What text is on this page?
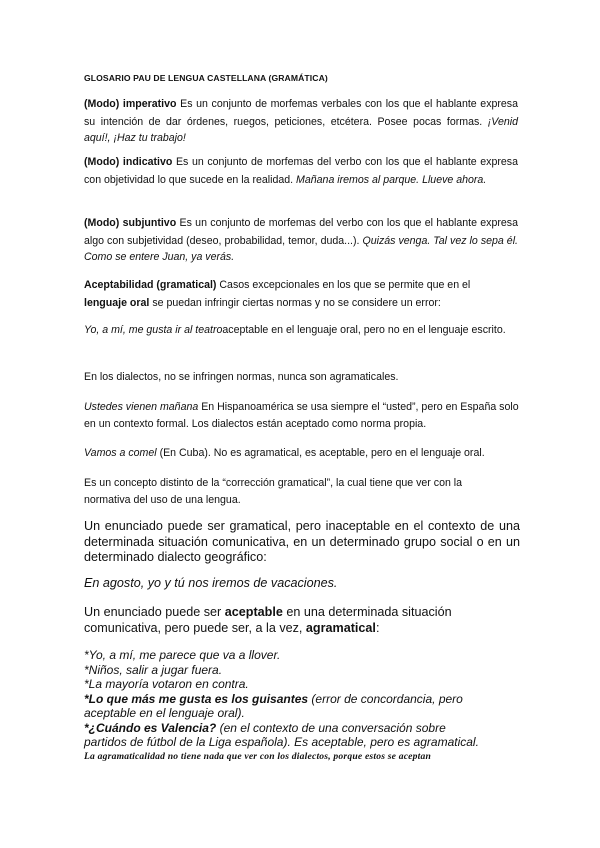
GLOSARIO PAU DE LENGUA CASTELLANA (GRAMÁTICA)

(Modo) imperativo Es un conjunto de morfemas verbales con los que el hablante expresa su intención de dar órdenes, ruegos, peticiones, etcétera. Posee pocas formas. ¡Venid aquí!, ¡Haz tu trabajo!

(Modo) indicativo Es un conjunto de morfemas del verbo con los que el hablante expresa con objetividad lo que sucede en la realidad. Mañana iremos al parque. Llueve ahora.

(Modo) subjuntivo Es un conjunto de morfemas del verbo con los que el hablante expresa algo con subjetividad (deseo, probabilidad, temor, duda...). Quizás venga. Tal vez lo sepa él. Como se entere Juan, ya verás.

Aceptabilidad (gramatical) Casos excepcionales en los que se permite que en el lenguaje oral se puedan infringir ciertas normas y no se considere un error:

Yo, a mí, me gusta ir al teatroaceptable en el lenguaje oral, pero no en el lenguaje escrito.

En los dialectos, no se infringen normas, nunca son agramaticales.

Ustedes vienen mañana En Hispanoamérica se usa siempre el “usted”, pero en España solo en un contexto formal. Los dialectos están aceptado como norma propia.

Vamos a comel (En Cuba). No es agramatical, es aceptable, pero en el lenguaje oral.

Es un concepto distinto de la “corrección gramatical”, la cual tiene que ver con la normativa del uso de una lengua.

Un enunciado puede ser gramatical, pero inaceptable en el contexto de una determinada situación comunicativa, en un determinado grupo social o en un determinado dialecto geográfico:

En agosto, yo y tú nos iremos de vacaciones.

Un enunciado puede ser aceptable en una determinada situación comunicativa, pero puede ser, a la vez, agramatical:

*Yo, a mí, me parece que va a llover.
*Niños, salir a jugar fuera.
*La mayoría votaron en contra.
*Lo que más me gusta es los guisantes (error de concordancia, pero aceptable en el lenguaje oral).
*¿Cuándo es Valencia? (en el contexto de una conversación sobre partidos de fútbol de la Liga española). Es aceptable, pero es agramatical.

La agramaticalidad no tiene nada que ver con los dialectos, porque estos se aceptan
